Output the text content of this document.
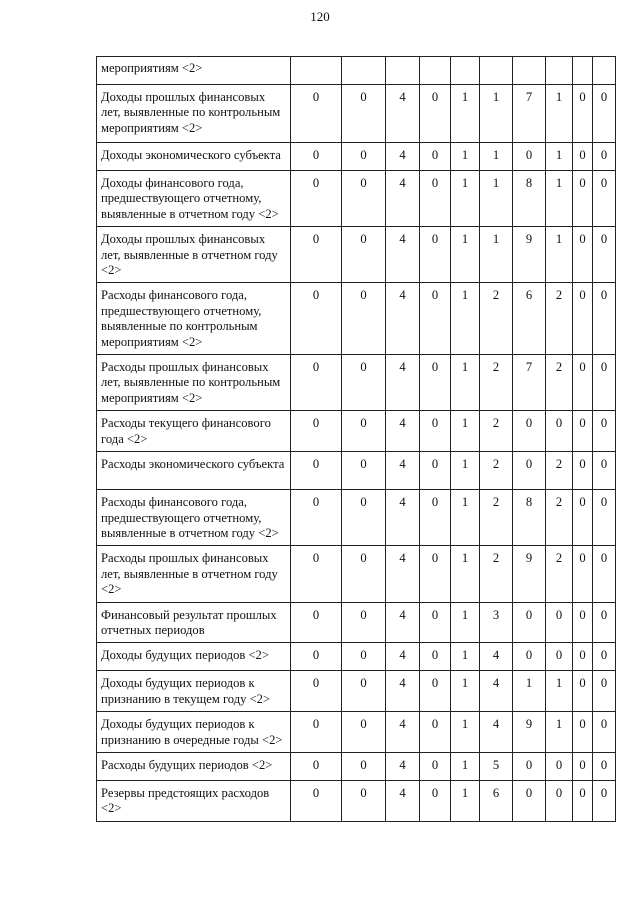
120
мероприятиям <2>										
Доходы прошлых финансовых лет, выявленные по контрольным мероприятиям <2>	0	0	4	0	1	1	7	1	0	0
Доходы экономического субъекта	0	0	4	0	1	1	0	1	0	0
Доходы финансового года, предшествующего отчетному, выявленные в отчетном году <2>	0	0	4	0	1	1	8	1	0	0
Доходы прошлых финансовых лет, выявленные в отчетном году <2>	0	0	4	0	1	1	9	1	0	0
Расходы финансового года, предшествующего отчетному, выявленные по контрольным мероприятиям <2>	0	0	4	0	1	2	6	2	0	0
Расходы прошлых финансовых лет, выявленные по контрольным мероприятиям <2>	0	0	4	0	1	2	7	2	0	0
Расходы текущего финансового года <2>	0	0	4	0	1	2	0	0	0	0
Расходы экономического субъекта	0	0	4	0	1	2	0	2	0	0
Расходы финансового года, предшествующего отчетному, выявленные в отчетном году <2>	0	0	4	0	1	2	8	2	0	0
Расходы прошлых финансовых лет, выявленные в отчетном году <2>	0	0	4	0	1	2	9	2	0	0
Финансовый результат прошлых отчетных периодов	0	0	4	0	1	3	0	0	0	0
Доходы будущих периодов <2>	0	0	4	0	1	4	0	0	0	0
Доходы будущих периодов к признанию в текущем году <2>	0	0	4	0	1	4	1	1	0	0
Доходы будущих периодов к признанию в очередные годы <2>	0	0	4	0	1	4	9	1	0	0
Расходы будущих периодов <2>	0	0	4	0	1	5	0	0	0	0
Резервы предстоящих расходов <2>	0	0	4	0	1	6	0	0	0	0
